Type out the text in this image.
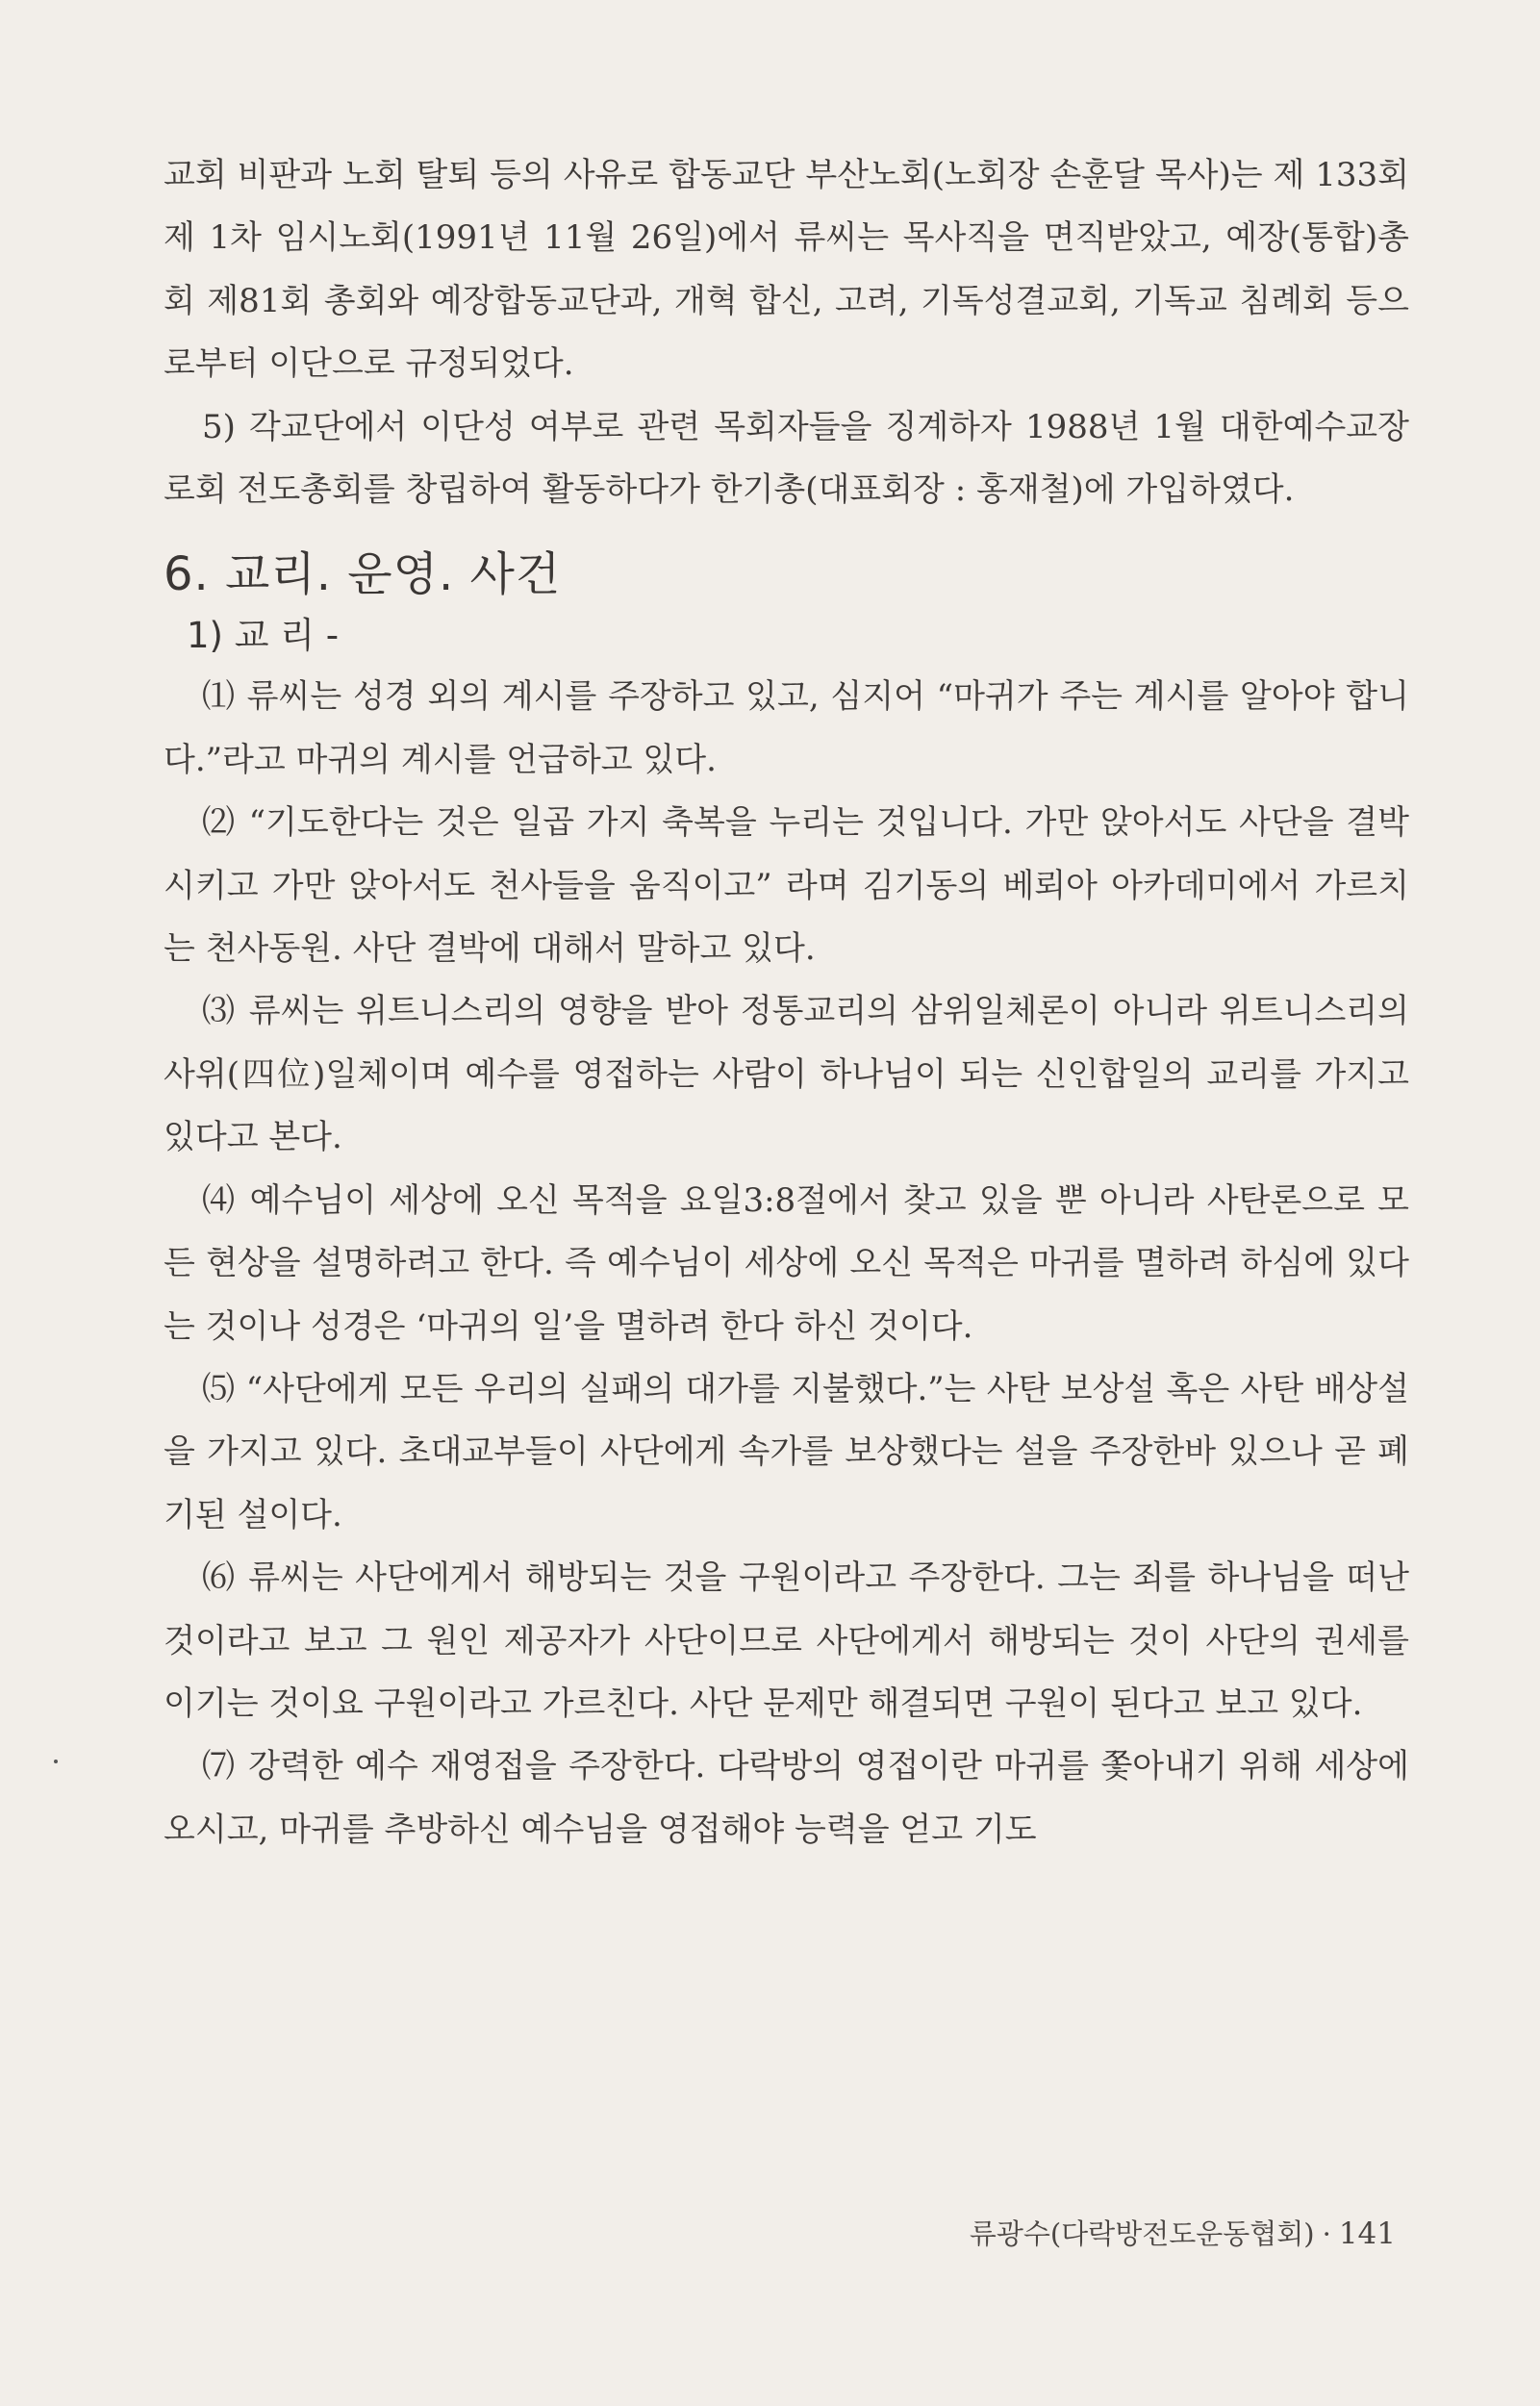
교회 비판과 노회 탈퇴 등의 사유로 합동교단 부산노회(노회장 손훈달 목사)는 제 133회 제 1차 임시노회(1991년 11월 26일)에서 류씨는 목사직을 면직받았고, 예장(통합)총회 제81회 총회와 예장합동교단과, 개혁 합신, 고려, 기독성결교회, 기독교 침례회 등으로부터 이단으로 규정되었다.

5) 각교단에서 이단성 여부로 관련 목회자들을 징계하자 1988년 1월 대한예수교장로회 전도총회를 창립하여 활동하다가 한기총(대표회장 : 홍재철)에 가입하였다.

6. 교리. 운영. 사건
1) 교 리 -

⑴ 류씨는 성경 외의 계시를 주장하고 있고, 심지어 “마귀가 주는 계시를 알아야 합니다.”라고 마귀의 계시를 언급하고 있다.

⑵ “기도한다는 것은 일곱 가지 축복을 누리는 것입니다. 가만 앉아서도 사단을 결박시키고 가만 앉아서도 천사들을 움직이고” 라며 김기동의 베뢰아 아카데미에서 가르치는 천사동원. 사단 결박에 대해서 말하고 있다.

⑶ 류씨는 위트니스리의 영향을 받아 정통교리의 삼위일체론이 아니라 위트니스리의 사위(四位)일체이며 예수를 영접하는 사람이 하나님이 되는 신인합일의 교리를 가지고 있다고 본다.

⑷ 예수님이 세상에 오신 목적을 요일3:8절에서 찾고 있을 뿐 아니라 사탄론으로 모든 현상을 설명하려고 한다. 즉 예수님이 세상에 오신 목적은 마귀를 멸하려 하심에 있다는 것이나 성경은 ‘마귀의 일’을 멸하려 한다 하신 것이다.

⑸ “사단에게 모든 우리의 실패의 대가를 지불했다.”는 사탄 보상설 혹은 사탄 배상설을 가지고 있다. 초대교부들이 사단에게 속가를 보상했다는 설을 주장한바 있으나 곧 폐기된 설이다.

⑹ 류씨는 사단에게서 해방되는 것을 구원이라고 주장한다. 그는 죄를 하나님을 떠난 것이라고 보고 그 원인 제공자가 사단이므로 사단에게서 해방되는 것이 사단의 권세를 이기는 것이요 구원이라고 가르친다. 사단 문제만 해결되면 구원이 된다고 보고 있다.

⑺ 강력한 예수 재영접을 주장한다. 다락방의 영접이란 마귀를 쫓아내기 위해 세상에 오시고, 마귀를 추방하신 예수님을 영접해야 능력을 얻고 기도

류광수(다락방전도운동협회) · 141
